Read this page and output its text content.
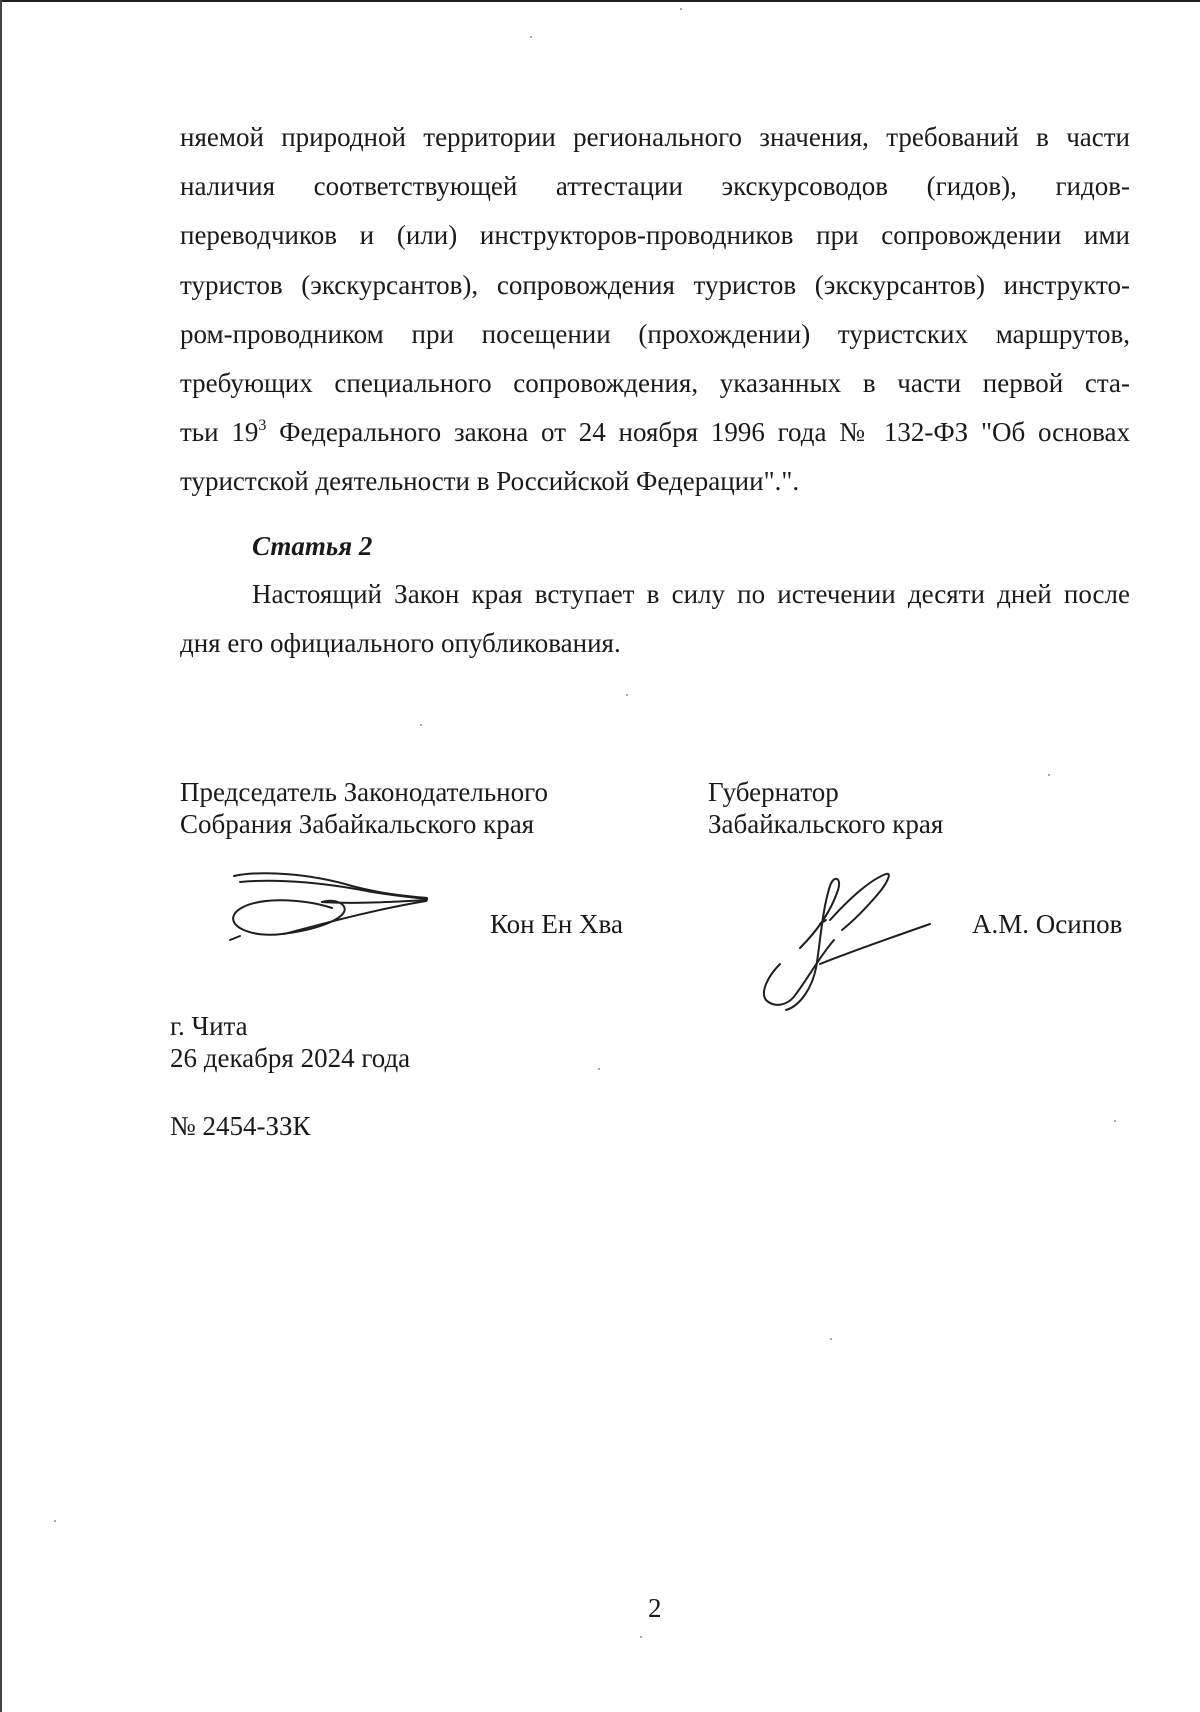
няемой природной территории регионального значения, требований в части
наличия соответствующей аттестации экскурсоводов (гидов), гидов-
переводчиков и (или) инструкторов-проводников при сопровождении ими
туристов (экскурсантов), сопровождения туристов (экскурсантов) инструкто-
ром-проводником при посещении (прохождении) туристских маршрутов,
требующих специального сопровождения, указанных в части первой ста-
тьи $19^3$ Федерального закона от 24 ноября 1996 года № 132-ФЗ "Об основах
туристской деятельности в Российской Федерации".".
Статья 2
Настоящий Закон края вступает в силу по истечении десяти дней после
дня его официального опубликования.
Председатель Законодательного
Собрания Забайкальского края
Губернатор
Забайкальского края
Кон Ен Хва	А.М. Осипов
г. Чита
26 декабря 2024 года
№ 2454-ЗЗК
2
